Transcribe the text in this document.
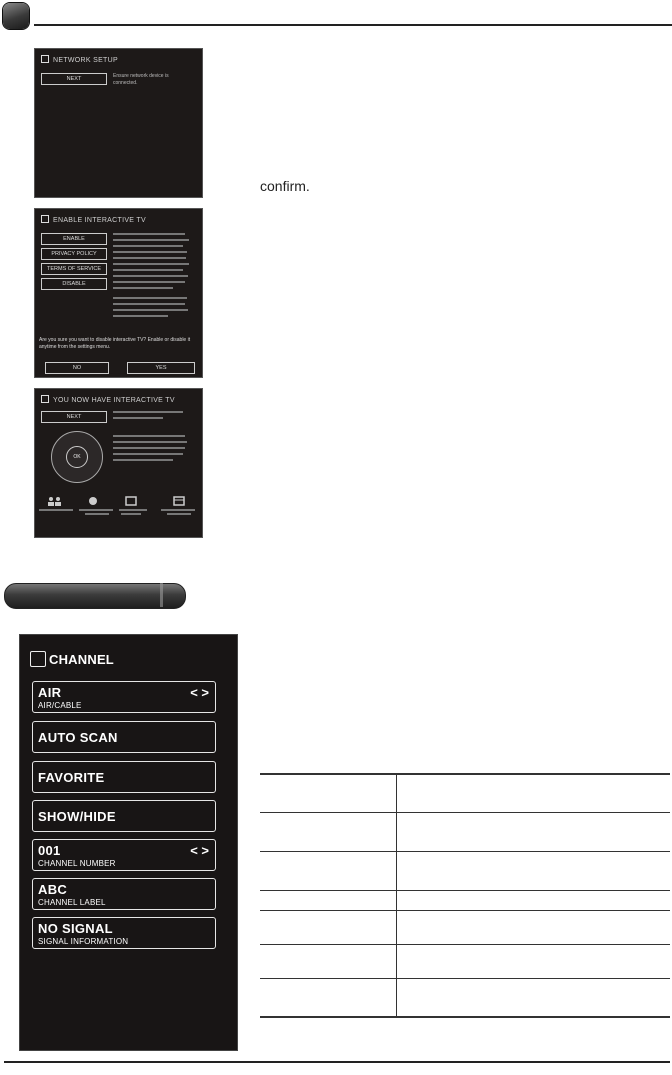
NETWORK SETUP
NEXT	Ensure network device is connected.
confirm.
ENABLE INTERACTIVE TV
ENABLE
PRIVACY POLICY
TERMS OF SERVICE
DISABLE
Are you sure you want to disable interactive TV? Enable or disable it anytime from the settings menu.
NO	YES
YOU NOW HAVE INTERACTIVE TV
NEXT
OK
CHANNEL
AIR
AIR/CABLE
< >
AUTO SCAN
FAVORITE
SHOW/HIDE
001
CHANNEL NUMBER
< >
ABC
CHANNEL LABEL
NO SIGNAL
SIGNAL INFORMATION
